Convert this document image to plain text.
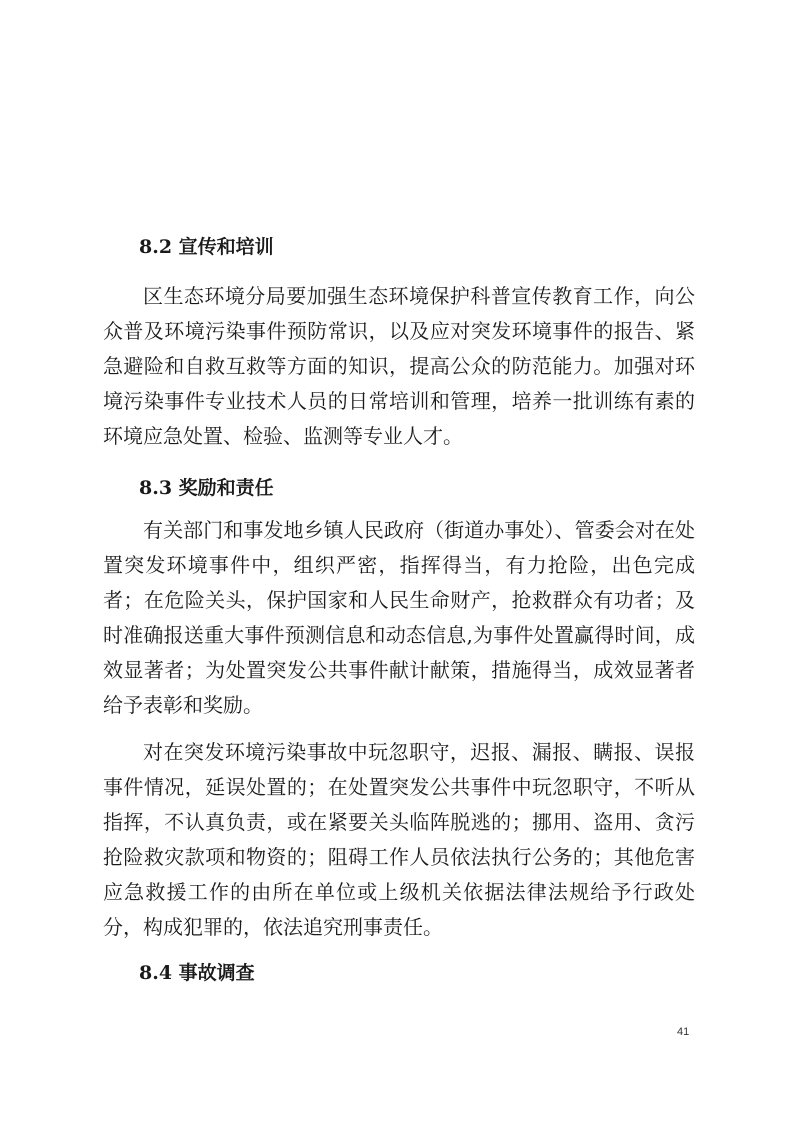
8.2 宣传和培训

区生态环境分局要加强生态环境保护科普宣传教育工作，向公众普及环境污染事件预防常识，以及应对突发环境事件的报告、紧急避险和自救互救等方面的知识，提高公众的防范能力。加强对环境污染事件专业技术人员的日常培训和管理，培养一批训练有素的环境应急处置、检验、监测等专业人才。

8.3 奖励和责任

有关部门和事发地乡镇人民政府（街道办事处）、管委会对在处置突发环境事件中，组织严密，指挥得当，有力抢险，出色完成者；在危险关头，保护国家和人民生命财产，抢救群众有功者；及时准确报送重大事件预测信息和动态信息,为事件处置赢得时间，成效显著者；为处置突发公共事件献计献策，措施得当，成效显著者给予表彰和奖励。

对在突发环境污染事故中玩忽职守，迟报、漏报、瞒报、误报事件情况，延误处置的；在处置突发公共事件中玩忽职守，不听从指挥，不认真负责，或在紧要关头临阵脱逃的；挪用、盗用、贪污抢险救灾款项和物资的；阻碍工作人员依法执行公务的；其他危害应急救援工作的由所在单位或上级机关依据法律法规给予行政处分，构成犯罪的，依法追究刑事责任。

8.4 事故调查
41
